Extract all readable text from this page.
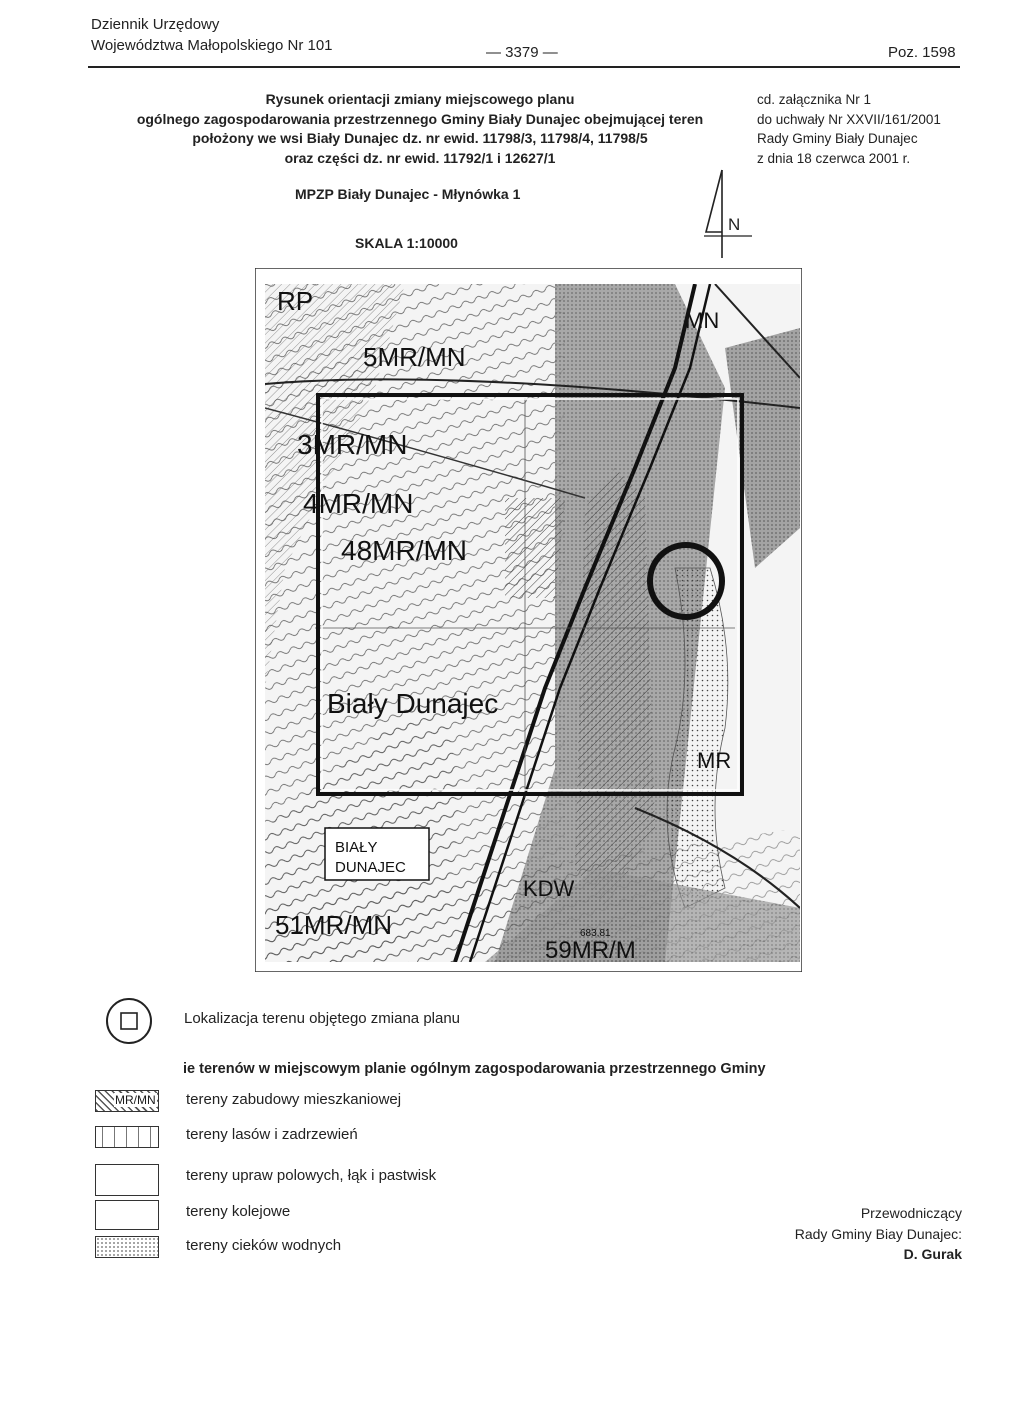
Dziennik Urzędowy
Województwa Małopolskiego Nr 101	— 3379 —	Poz. 1598
Rysunek orientacji zmiany miejscowego planu
ogólnego zagospodarowania przestrzennego Gminy Biały Dunajec obejmującej teren
położony we wsi Biały Dunajec dz. nr ewid. 11798/3, 11798/4, 11798/5
oraz części dz. nr ewid. 11792/1 i 12627/1
cd. załącznika Nr 1
do uchwały Nr XXVII/161/2001
Rady Gminy Biały Dunajec
z dnia 18 czerwca 2001 r.
MPZP Biały Dunajec - Młynówka 1
SKALA 1:10000
N
RP
5MR/MN
3MR/MN
4MR/MN
48MR/MN
Biały Dunajec
BIAŁY
DUNAJEC
51MR/MN
59MR/M
KDW
MR
MN
683,81
Lokalizacja terenu objętego zmiana planu
ie terenów w miejscowym planie ogólnym zagospodarowania przestrzennego Gminy
MR/MN tereny zabudowy mieszkaniowej
tereny lasów i zadrzewień
tereny upraw polowych, łąk i pastwisk
tereny kolejowe
tereny cieków wodnych
Przewodniczący
Rady Gminy Biay Dunajec:
D. Gurak
